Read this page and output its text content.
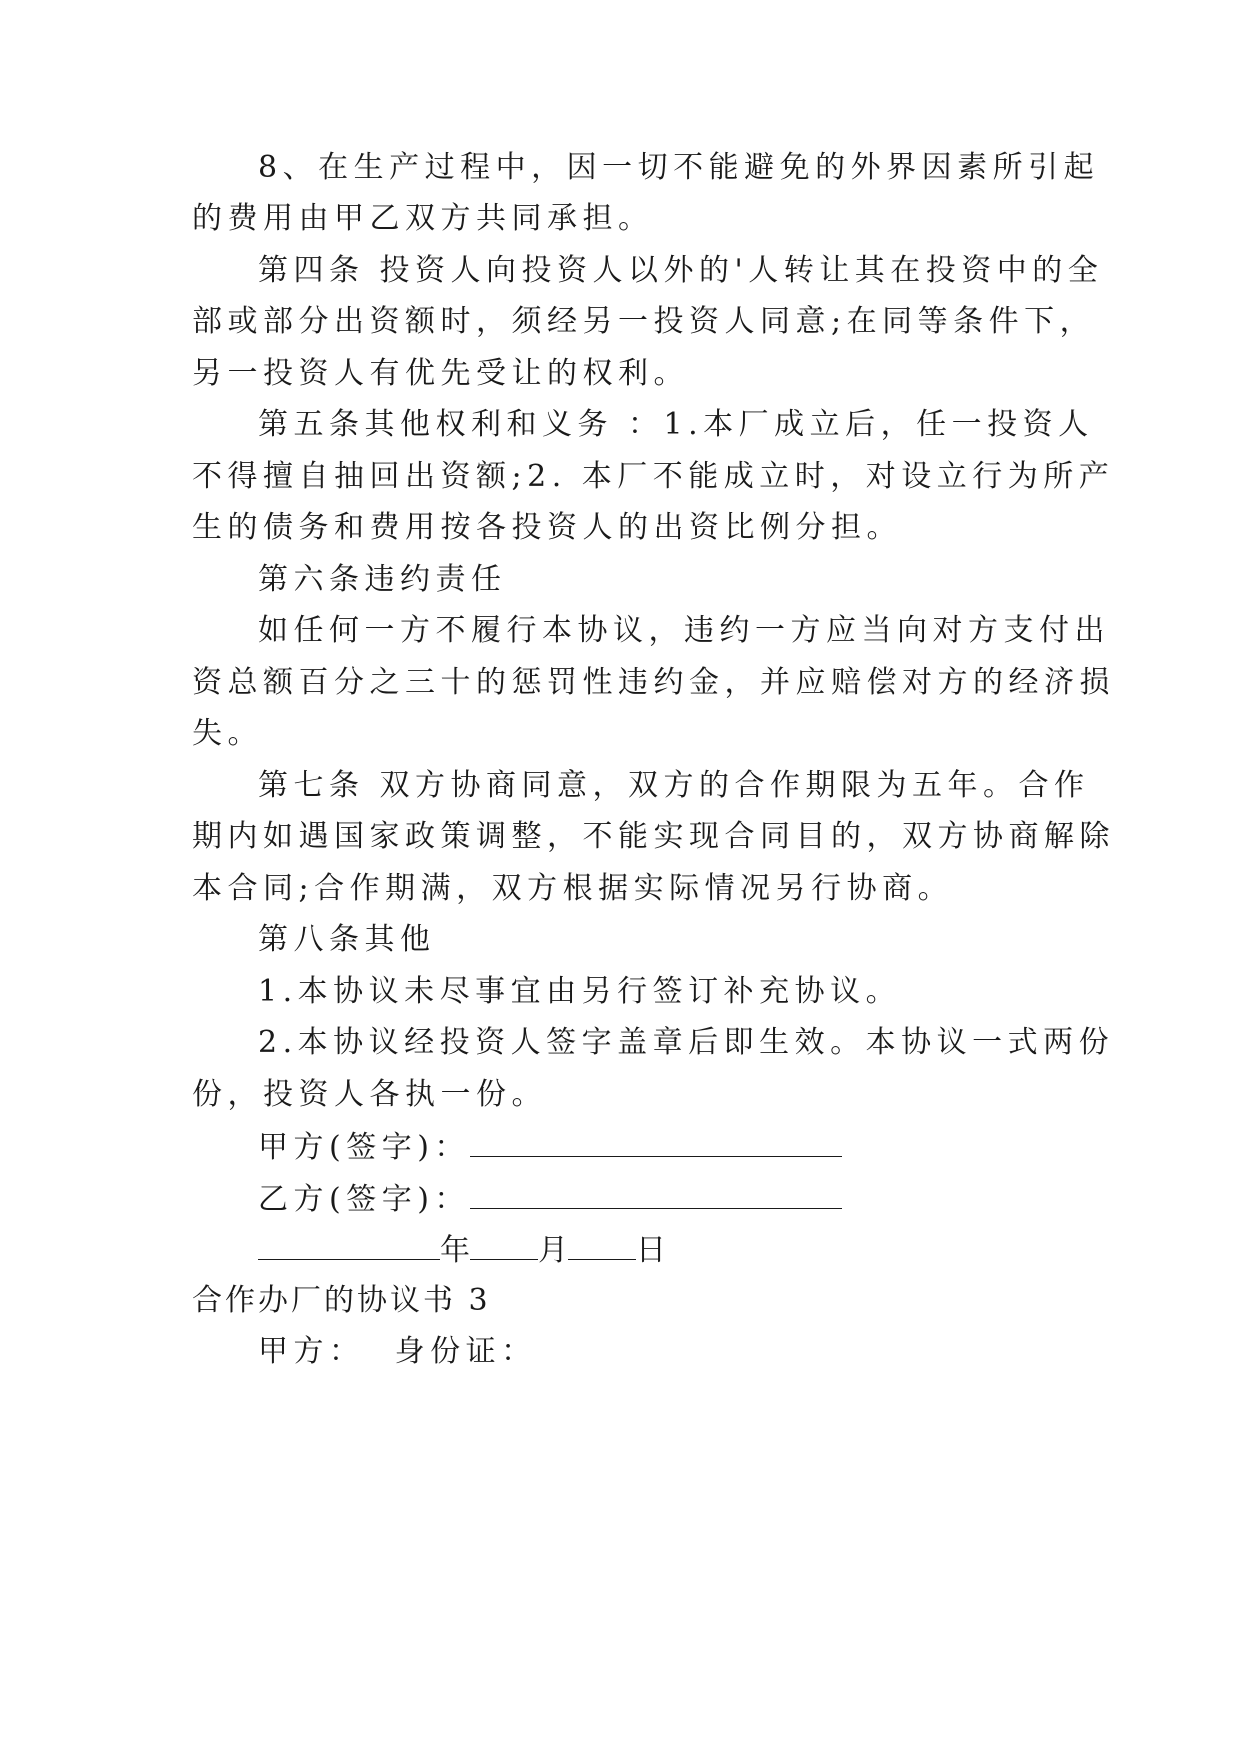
8、在生产过程中，因一切不能避免的外界因素所引起
的费用由甲乙双方共同承担。
第四条 投资人向投资人以外的'人转让其在投资中的全
部或部分出资额时，须经另一投资人同意;在同等条件下，
另一投资人有优先受让的权利。
第五条其他权利和义务 ：1.本厂成立后，任一投资人
不得擅自抽回出资额;2. 本厂不能成立时，对设立行为所产
生的债务和费用按各投资人的出资比例分担。
第六条违约责任
如任何一方不履行本协议，违约一方应当向对方支付出
资总额百分之三十的惩罚性违约金，并应赔偿对方的经济损
失。
第七条 双方协商同意，双方的合作期限为五年。合作
期内如遇国家政策调整，不能实现合同目的，双方协商解除
本合同;合作期满，双方根据实际情况另行协商。
第八条其他
1.本协议未尽事宜由另行签订补充协议。
2.本协议经投资人签字盖章后即生效。本协议一式两份
份，投资人各执一份。
甲方(签字)：
乙方(签字)：
年 月 日
合作办厂的协议书 3
甲方：  身份证：
